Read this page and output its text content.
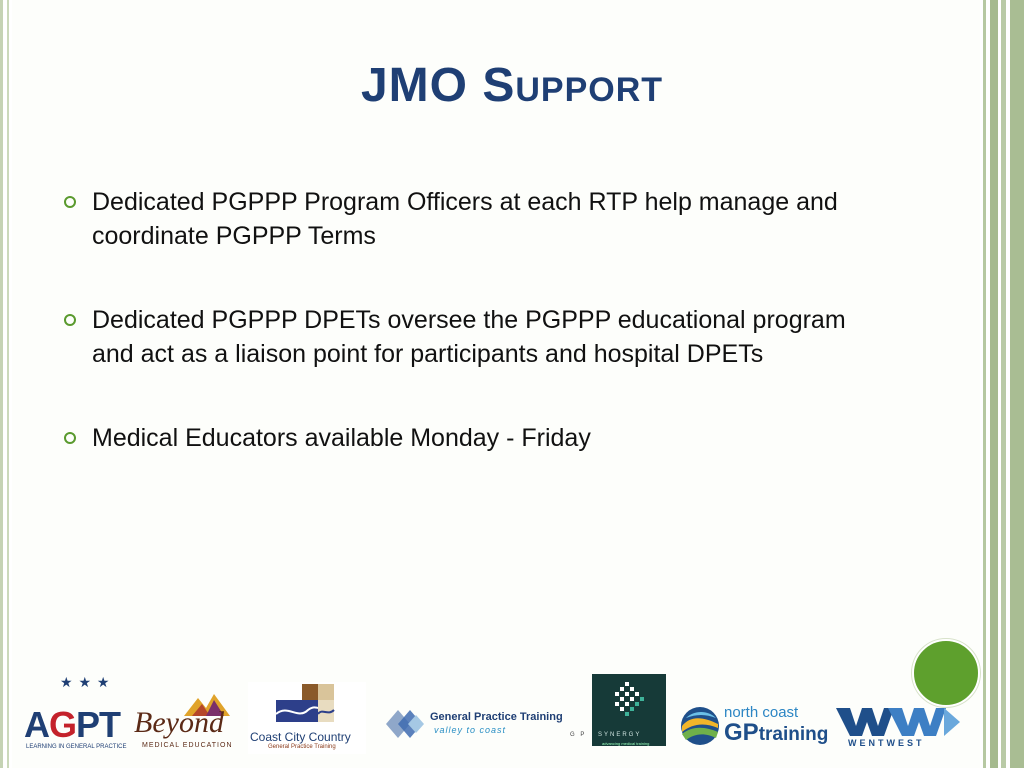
JMO Support
Dedicated PGPPP Program Officers at each RTP help manage and coordinate PGPPP Terms
Dedicated PGPPP DPETs oversee the PGPPP educational program and act as a liaison point for participants and hospital DPETs
Medical Educators available Monday - Friday
★ ★ ★
AGPT
LEARNING IN GENERAL PRACTICE
Beyond
MEDICAL EDUCATION
Coast City Country
General Practice Training
General Practice Training
valley to coast	G P SYNERGY
advancing medical training
north coast
GPtraining WENTWEST
